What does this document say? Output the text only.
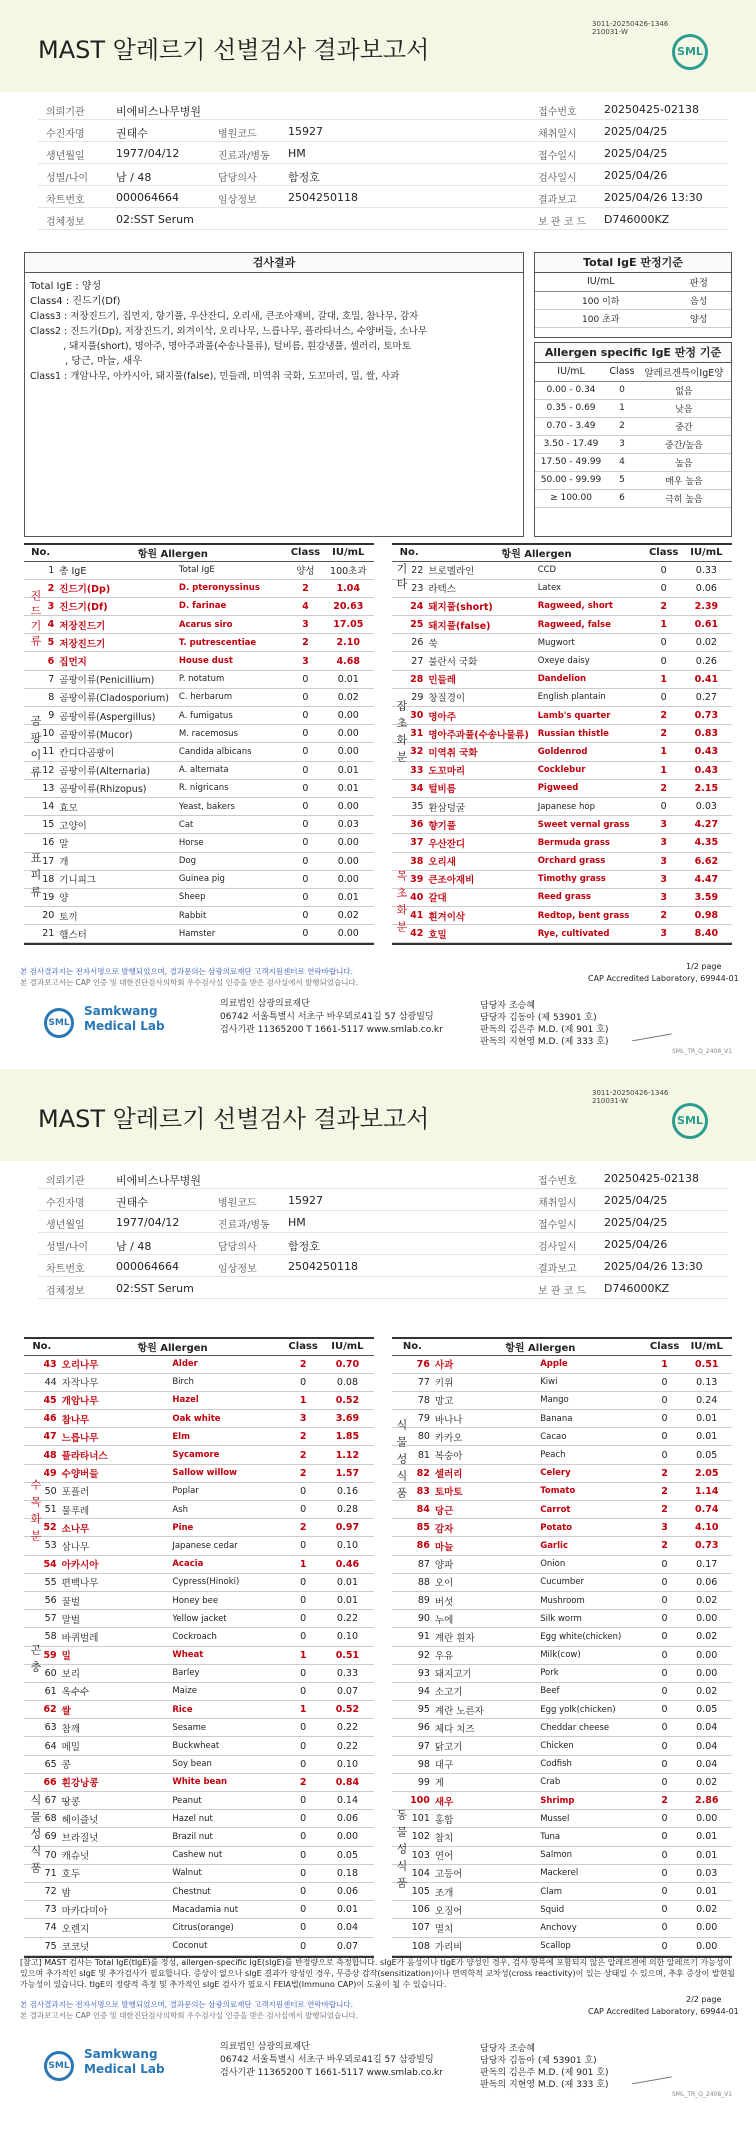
MAST 알레르기 선별검사 결과보고서
3011-20250426-1346
210031-W
SML
의뢰기관	비에비스나무병원	접수번호 20250425-02138
수진자명	권태수	병원코드	15927	채취일시 2025/04/25
생년월일	1977/04/12	진료과/병동 HM	접수일시 2025/04/25
성별/나이	남 / 48	담당의사	함정호	검사일시 2025/04/26
차트번호	000064664	임상정보	2504250118	결과보고 2025/04/26 13:30
검체정보	02:SST Serum	보 관 코 드 D746000KZ
검사결과
Total IgE : 양성
Class4 : 진드기(Df)
Class3 : 저장진드기, 집먼지, 향기풀, 우산잔디, 오리새, 큰조아재비, 갈대, 호밀, 참나무, 감자
Class2 : 진드기(Dp), 저장진드기, 외겨이삭, 오리나무, 느릅나무, 플라타너스, 수양버들, 소나무
, 돼지풀(short), 명아주, 명아주과풀(수송나물류), 털비름, 흰강냉풀, 셀러리, 토마토
, 당근, 마늘, 새우
Class1 : 개암나무, 아카시아, 돼지풀(false), 민들레, 미역취 국화, 도꼬마리, 밀, 쌀, 사과
Total IgE 판정기준
IU/mL	판정
100 이하	음성
100 초과	양성
Allergen specific IgE 판정 기준
IU/mL	Class	알레르겐특이IgE양
0.00 - 0.34	0	없음
0.35 - 0.69	1	낮음
0.70 - 3.49	2	중간
3.50 - 17.49	3	중간/높음
17.50 - 49.99	4	높음
50.00 - 99.99	5	매우 높음
≥ 100.00	6	극히 높음
No.	항원 Allergen		Class	IU/mL
1	총 IgE	Total IgE	양성	100초과
2	진드기(Dp)	D. pteronyssinus	2	1.04
3	진드기(Df)	D. farinae	4	20.63
4	저장진드기	Acarus siro	3	17.05
5	저장진드기	T. putrescentiae	2	2.10
6	집먼지	House dust	3	4.68
7	곰팡이류(Penicillium)	P. notatum	0	0.01
8	곰팡이류(Cladosporium)	C. herbarum	0	0.02
9	곰팡이류(Aspergillus)	A. fumigatus	0	0.00
10	곰팡이류(Mucor)	M. racemosus	0	0.00
11	칸디다곰팡이	Candida albicans	0	0.00
12	곰팡이류(Alternaria)	A. alternata	0	0.01
13	곰팡이류(Rhizopus)	R. nigricans	0	0.01
14	효모	Yeast, bakers	0	0.00
15	고양이	Cat	0	0.03
16	말	Horse	0	0.00
17	개	Dog	0	0.00
18	기니피그	Guinea pig	0	0.00
19	양	Sheep	0	0.01
20	토끼	Rabbit	0	0.02
21	햄스터	Hamster	0	0.00
No.	항원 Allergen		Class	IU/mL
22	브로멜라인	CCD	0	0.33
23	라텍스	Latex	0	0.06
24	돼지풀(short)	Ragweed, short	2	2.39
25	돼지풀(false)	Ragweed, false	1	0.61
26	쑥	Mugwort	0	0.02
27	불란서 국화	Oxeye daisy	0	0.26
28	민들레	Dandelion	1	0.41
29	창질경이	English plantain	0	0.27
30	명아주	Lamb's quarter	2	0.73
31	명아주과풀(수송나물류)	Russian thistle	2	0.83
32	미역취 국화	Goldenrod	1	0.43
33	도꼬마리	Cocklebur	1	0.43
34	털비름	Pigweed	2	2.15
35	환삼덩굴	Japanese hop	0	0.03
36	향기풀	Sweet vernal grass	3	4.27
37	우산잔디	Bermuda grass	3	4.35
38	오리새	Orchard grass	3	6.62
39	큰조아재비	Timothy grass	3	4.47
40	갈대	Reed grass	3	3.59
41	흰겨이삭	Redtop, bent grass	2	0.98
42	호밀	Rye, cultivated	3	8.40
진드기류
곰팡이류
표피류
기타
잡초화분
목초화분
본 검사결과지는 전자서명으로 발행되었으며, 결과문의는 삼광의료재단 고객지원센터로 연락바랍니다.
본 결과보고서는 CAP 인증 및 대한진단검사의학회 우수검사실 인증을 받은 검사실에서 발행되었습니다.
1/2 page
CAP Accredited Laboratory, 69944-01
SML
Samkwang
Medical Lab
의료법인 삼광의료재단
06742 서울특별시 서초구 바우뫼로41길 57 삼광빌딩
검사기관 11365200 T 1661-5117 www.smlab.co.kr
담당자 조승혜
담당자 김동아 (제 53901 호)
판독의 김은주 M.D. (제 901 호)
판독의 지현영 M.D. (제 333 호)
SML_TR_Q_2408_V1
MAST 알레르기 선별검사 결과보고서
3011-20250426-1346
210031-W
SML
의뢰기관	비에비스나무병원	접수번호 20250425-02138
수진자명	권태수	병원코드	15927	채취일시 2025/04/25
생년월일	1977/04/12	진료과/병동 HM	접수일시 2025/04/25
성별/나이	남 / 48	담당의사	함정호	검사일시 2025/04/26
차트번호	000064664	임상정보	2504250118	결과보고 2025/04/26 13:30
검체정보	02:SST Serum	보 관 코 드 D746000KZ
No.	항원 Allergen		Class	IU/mL
43	오리나무	Alder	2	0.70
44	자작나무	Birch	0	0.08
45	개암나무	Hazel	1	0.52
46	참나무	Oak white	3	3.69
47	느릅나무	Elm	2	1.85
48	플라타너스	Sycamore	2	1.12
49	수양버들	Sallow willow	2	1.57
50	포플러	Poplar	0	0.16
51	물푸레	Ash	0	0.28
52	소나무	Pine	2	0.97
53	삼나무	Japanese cedar	0	0.10
54	아카시아	Acacia	1	0.46
55	편백나무	Cypress(Hinoki)	0	0.01
56	꿀벌	Honey bee	0	0.01
57	말벌	Yellow jacket	0	0.22
58	바퀴벌레	Cockroach	0	0.10
59	밀	Wheat	1	0.51
60	보리	Barley	0	0.33
61	옥수수	Maize	0	0.07
62	쌀	Rice	1	0.52
63	참깨	Sesame	0	0.22
64	메밀	Buckwheat	0	0.22
65	콩	Soy bean	0	0.10
66	흰강낭콩	White bean	2	0.84
67	땅콩	Peanut	0	0.14
68	헤이즐넛	Hazel nut	0	0.06
69	브라질넛	Brazil nut	0	0.00
70	캐슈넛	Cashew nut	0	0.05
71	호두	Walnut	0	0.18
72	밤	Chestnut	0	0.06
73	마카다미아	Macadamia nut	0	0.01
74	오렌지	Citrus(orange)	0	0.04
75	코코넛	Coconut	0	0.07
No.	항원 Allergen		Class	IU/mL
76	사과	Apple	1	0.51
77	키위	Kiwi	0	0.13
78	망고	Mango	0	0.24
79	바나나	Banana	0	0.01
80	카카오	Cacao	0	0.01
81	복숭아	Peach	0	0.05
82	셀러리	Celery	2	2.05
83	토마토	Tomato	2	1.14
84	당근	Carrot	2	0.74
85	감자	Potato	3	4.10
86	마늘	Garlic	2	0.73
87	양파	Onion	0	0.17
88	오이	Cucumber	0	0.06
89	버섯	Mushroom	0	0.02
90	누에	Silk worm	0	0.00
91	계란 흰자	Egg white(chicken)	0	0.02
92	우유	Milk(cow)	0	0.00
93	돼지고기	Pork	0	0.00
94	소고기	Beef	0	0.02
95	계란 노른자	Egg yolk(chicken)	0	0.05
96	체다 치즈	Cheddar cheese	0	0.04
97	닭고기	Chicken	0	0.04
98	대구	Codfish	0	0.04
99	게	Crab	0	0.02
100	새우	Shrimp	2	2.86
101	홍합	Mussel	0	0.00
102	참치	Tuna	0	0.01
103	연어	Salmon	0	0.01
104	고등어	Mackerel	0	0.03
105	조개	Clam	0	0.01
106	오징어	Squid	0	0.02
107	멸치	Anchovy	0	0.00
108	가리비	Scallop	0	0.00
수목화분
곤충
식물성식품
식물성식품
동물성식품
[참고] MAST 검사는 Total IgE(tIgE)를 정성, allergen-specific IgE(sIgE)를 반정량으로 측정합니다. sIgE가 음성이나 tIgE가 양성인 경우, 검사 항목에 포함되지 않은 알레르겐에 의한 알레르기 가능성이 있으며 추가적인 sIgE 및 추가검사가 필요합니다. 증상이 없으나 sIgE 결과가 양성인 경우, 무증상 감작(sensitization)이나 면역학적 교차성(cross reactivity)이 있는 상태일 수 있으며, 추후 증상이 발현될 가능성이 있습니다. tIgE의 정량적 측정 및 추가적인 sIgE 검사가 필요시 FEIA법(Immuno CAP)이 도움이 될 수 있습니다.
본 검사결과지는 전자서명으로 발행되었으며, 결과문의는 삼광의료재단 고객지원센터로 연락바랍니다.
본 결과보고서는 CAP 인증 및 대한진단검사의학회 우수검사실 인증을 받은 검사실에서 발행되었습니다.
2/2 page
CAP Accredited Laboratory, 69944-01
SML
Samkwang
Medical Lab
의료법인 삼광의료재단
06742 서울특별시 서초구 바우뫼로41길 57 삼광빌딩
검사기관 11365200 T 1661-5117 www.smlab.co.kr
담당자 조승혜
담당자 김동아 (제 53901 호)
판독의 김은주 M.D. (제 901 호)
판독의 지현영 M.D. (제 333 호)
SML_TR_Q_2408_V1
